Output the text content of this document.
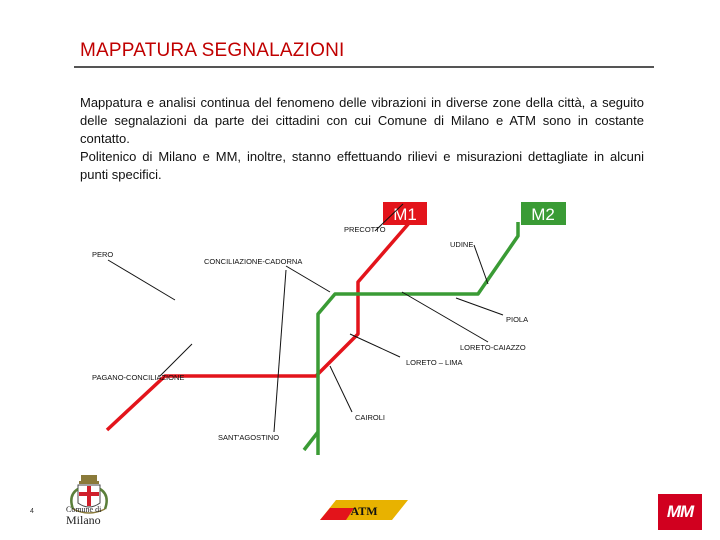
MAPPATURA SEGNALAZIONI

Mappatura e analisi continua del fenomeno delle vibrazioni in diverse zone della città, a seguito delle segnalazioni da parte dei cittadini con cui Comune di Milano e ATM sono in costante contatto.

Politenico di Milano e MM, inoltre, stanno effettuando rilievi e misurazioni dettagliate in alcuni punti specifici.

M1	M2
PRECOTTO
UDINE
PERO
CONCILIAZIONE-CADORNA
PIOLA
LORETO-CAIAZZO
LORETO – LIMA
PAGANO-CONCILIAZIONE
CAIROLI
SANT'AGOSTINO
4	Comune di
Milano
ATM	MM
